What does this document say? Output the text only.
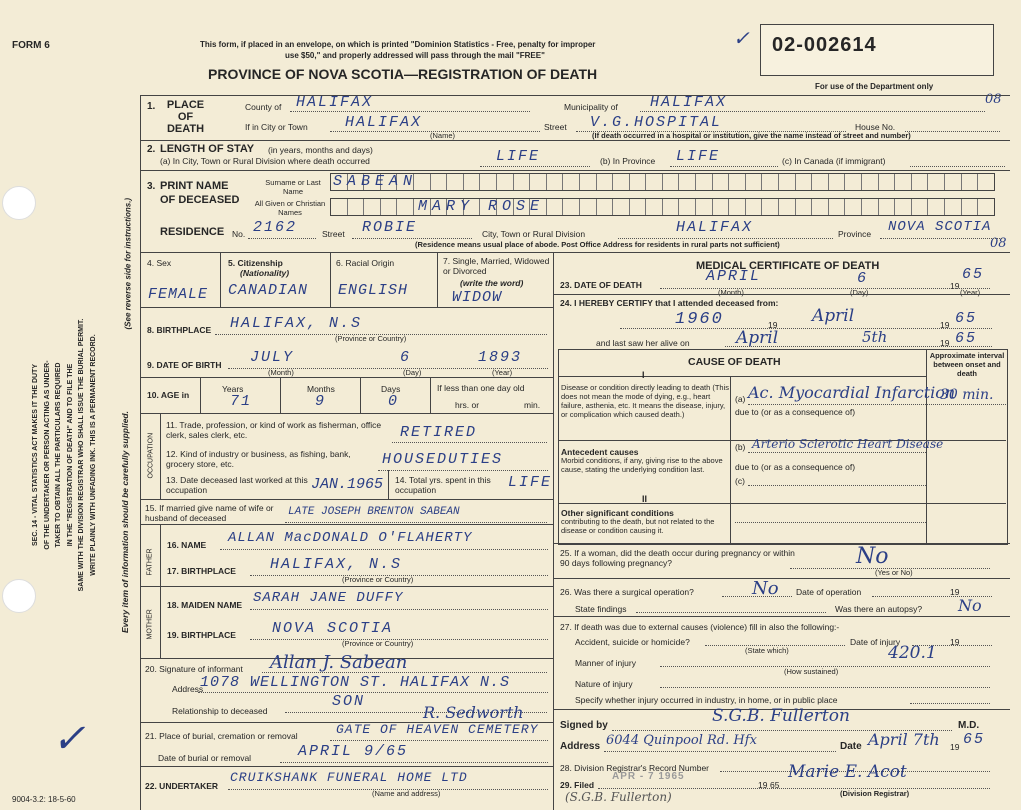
FORM 6	This form, if placed in an envelope, on which is printed "Dominion Statistics - Free, penalty for improper
use $50," and properly addressed will pass through the mail "FREE"
PROVINCE OF NOVA SCOTIA—REGISTRATION OF DEATH
✓ 02-002614
For use of the Department only
08
08
SEC. 14 - VITAL STATISTICS ACT MAKES IT THE DUTY OF THE UNDERTAKER OR PERSON ACTING AS UNDER- TAKER TO OBTAIN ALL THE PARTICULARS REQUIRED IN THE "REGISTRATION OF DEATH" AND TO FILE THE SAME WITH THE DIVISION REGISTRAR WHO SHALL ISSUE THE BURIAL PERMIT. WRITE PLAINLY WITH UNFADING INK. THIS IS A PERMANENT RECORD.	Every item of information should be carefully supplied.
(See reverse side for instructions.)
✓
1.	PLACE OF DEATH
County of HALIFAX	Municipality of HALIFAX
If in City or Town HALIFAX
(Name)
Street V.G.HOSPITAL	House No.
(If death occurred in a hospital or institution, give the name instead of street and number)
2. LENGTH OF STAY (in years, months and days)
(a) In City, Town or Rural Division where death occurred	LIFE	(b) In Province LIFE	(c) In Canada (if immigrant)
3. PRINT NAME
OF DECEASED
Surname or Last Name
All Given or Christian Names
SABEAN
MARY ROSE
RESIDENCE No. 2162	Street ROBIE	City, Town or Rural Division	HALIFAX	Province NOVA SCOTIA
(Residence means usual place of abode. Post Office Address for residents in rural parts not sufficient)
4. Sex
FEMALE
5. Citizenship
(Nationality)
CANADIAN
6. Racial Origin
ENGLISH
7. Single, Married, Widowed or Divorced
(write the word)
WIDOW
8. BIRTHPLACE HALIFAX, N.S
(Province or Country)
9. DATE OF BIRTH JULY	6	1893
(Month)	(Day)	(Year)
10. AGE in
Years	Months	Days
71	9	0
If less than one day old
hrs. or	min.
OCCUPATION
11. Trade, profession, or kind of work as fisherman, office clerk, sales clerk, etc.	RETIRED
12. Kind of industry or business, as fishing, bank, grocery store, etc.	HOUSEDUTIES
13. Date deceased last worked at this occupation	JAN.1965 14. Total yrs. spent in this occupation	LIFE
15. If married give name of wife or husband of deceased	LATE JOSEPH BRENTON SABEAN
FATHER
16. NAME ALLAN MacDONALD O'FLAHERTY
17. BIRTHPLACE HALIFAX, N.S
(Province or Country)
MOTHER
18. MAIDEN NAME SARAH JANE DUFFY
19. BIRTHPLACE NOVA SCOTIA
(Province or Country)
20. Signature of informant Allan J. Sabean
Address
1078 WELLINGTON ST. HALIFAX N.S
Relationship to deceased
SON
21. Place of burial, cremation or removal	GATE OF HEAVEN CEMETERY
Date of burial or removal	APRIL 9/65
R. Sedworth
22. UNDERTAKER
CRUIKSHANK FUNERAL HOME LTD
(Name and address)
9004-3.2: 18-5-60	(S.G.B. Fullerton)
MEDICAL CERTIFICATE OF DEATH
23. DATE OF DEATH	APRIL	6	19
65
(Month)	(Day)	(Year)
24. I HEREBY CERTIFY that I attended deceased from:
1960	19 April	19 65
and last saw her alive on	April	5th	19 65
CAUSE OF DEATH
Approximate interval between onset and death
I
II
Disease or condition directly leading to death (This does not mean the mode of dying, e.g., heart failure, asthenia, etc. It means the disease, injury, or complication which caused death.)
(a) Ac. Myocardial Infarction
30 min.
due to (or as a consequence of)
Antecedent causes
Morbid conditions, if any, giving rise to the above cause, stating the underlying condition last.
(b) Arterio Sclerotic Heart Disease
due to (or as a consequence of)
(c)
Other significant conditions
contributing to the death, but not related to the disease or condition causing it.
25. If a woman, did the death occur during pregnancy or within 90 days following pregnancy?	No
(Yes or No)
26. Was there a surgical operation?	No Date of operation	19
State findings	Was there an autopsy? No
27. If death was due to external causes (violence) fill in also the following:-
Accident, suicide or homicide?	Date of injury	19
(State which)	420.1
Manner of injury
(How sustained)
Nature of injury
Specify whether injury occurred in industry, in home, or in public place
Signed by	S.G.B. Fullerton	M.D.
Address 6044 Quinpool Rd. Hfx	Date April 7th 19 65
28. Division Registrar's Record Number
29. Filed
APR - 7 1965
19 65
Marie E. Acot
(Division Registrar)
